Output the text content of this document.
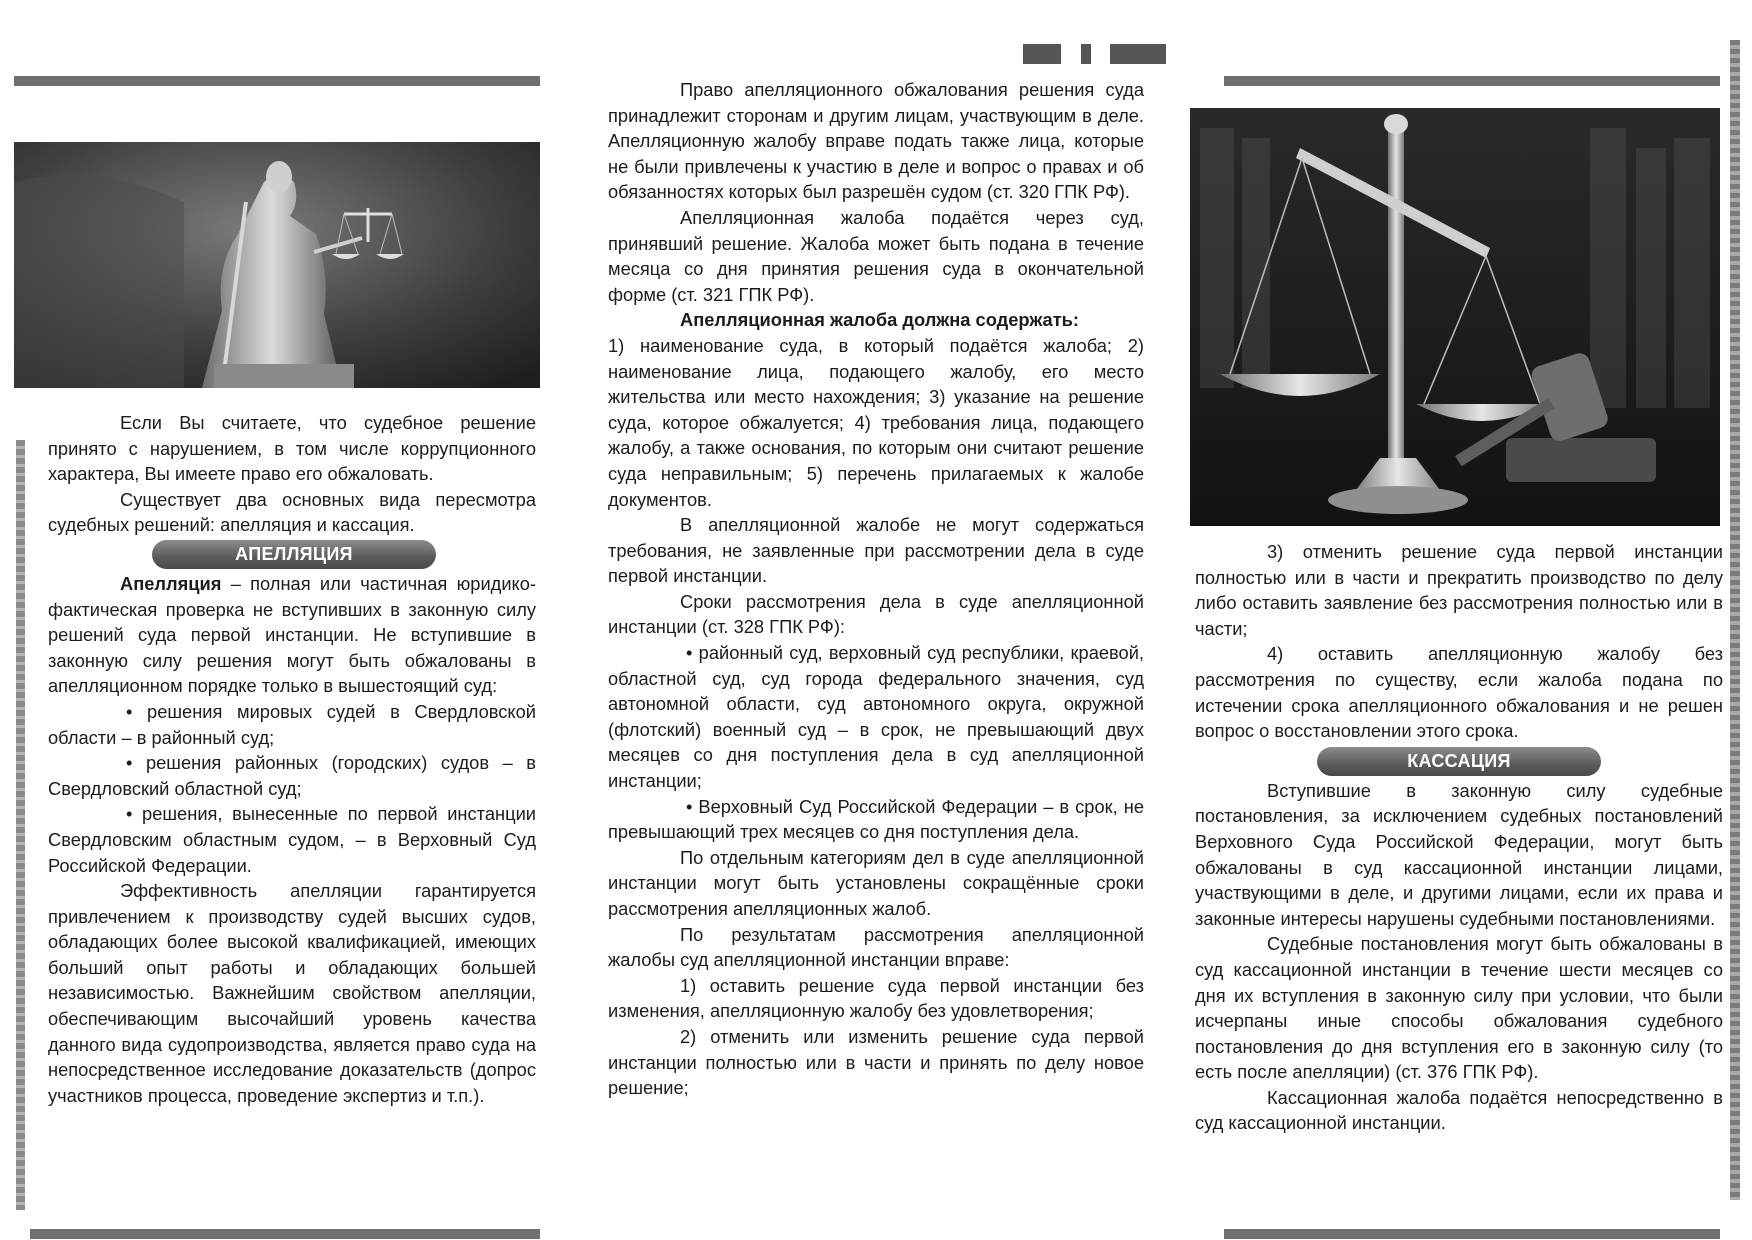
Если Вы считаете, что судебное решение принято с нарушением, в том числе коррупционного характера, Вы имеете право его обжаловать.

Существует два основных вида пересмотра судебных решений: апелляция и кассация.

АПЕЛЛЯЦИЯ

Апелляция – полная или частичная юридико-фактическая проверка не вступивших в законную силу решений суда первой инстанции. Не вступившие в законную силу решения могут быть обжалованы в апелляционном порядке только в вышестоящий суд:

• решения мировых судей в Свердловской области – в районный суд;

• решения районных (городских) судов – в Свердловский областной суд;

• решения, вынесенные по первой инстанции Свердловским областным судом, – в Верховный Суд Российской Федерации.

Эффективность апелляции гарантируется привлечением к производству судей высших судов, обладающих более высокой квалификацией, имеющих больший опыт работы и обладающих большей независимостью. Важнейшим свойством апелляции, обеспечивающим высочайший уровень качества данного вида судопроизводства, является право суда на непосредственное исследование доказательств (допрос участников процесса, проведение экспертиз и т.п.).

Право апелляционного обжалования решения суда принадлежит сторонам и другим лицам, участвующим в деле. Апелляционную жалобу вправе подать также лица, которые не были привлечены к участию в деле и вопрос о правах и об обязанностях которых был разрешён судом (ст. 320 ГПК РФ).

Апелляционная жалоба подаётся через суд, принявший решение. Жалоба может быть подана в течение месяца со дня принятия решения суда в окончательной форме (ст. 321 ГПК РФ).

Апелляционная жалоба должна содержать:

1) наименование суда, в который подаётся жалоба; 2) наименование лица, подающего жалобу, его место жительства или место нахождения; 3) указание на решение суда, которое обжалуется; 4) требования лица, подающего жалобу, а также основания, по которым они считают решение суда неправильным; 5) перечень прилагаемых к жалобе документов.

В апелляционной жалобе не могут содержаться требования, не заявленные при рассмотрении дела в суде первой инстанции.

Сроки рассмотрения дела в суде апелляционной инстанции (ст. 328 ГПК РФ):

• районный суд, верховный суд республики, краевой, областной суд, суд города федерального значения, суд автономной области, суд автономного округа, окружной (флотский) военный суд – в срок, не превышающий двух месяцев со дня поступления дела в суд апелляционной инстанции;

• Верховный Суд Российской Федерации – в срок, не превышающий трех месяцев со дня поступления дела.

По отдельным категориям дел в суде апелляционной инстанции могут быть установлены сокращённые сроки рассмотрения апелляционных жалоб.

По результатам рассмотрения апелляционной жалобы суд апелляционной инстанции вправе:

1) оставить решение суда первой инстанции без изменения, апелляционную жалобу без удовлетворения;

2) отменить или изменить решение суда первой инстанции полностью или в части и принять по делу новое решение;

3) отменить решение суда первой инстанции полностью или в части и прекратить производство по делу либо оставить заявление без рассмотрения полностью или в части;

4) оставить апелляционную жалобу без рассмотрения по существу, если жалоба подана по истечении срока апелляционного обжалования и не решен вопрос о восстановлении этого срока.

КАССАЦИЯ

Вступившие в законную силу судебные постановления, за исключением судебных постановлений Верховного Суда Российской Федерации, могут быть обжалованы в суд кассационной инстанции лицами, участвующими в деле, и другими лицами, если их права и законные интересы нарушены судебными постановлениями.

Судебные постановления могут быть обжалованы в суд кассационной инстанции в течение шести месяцев со дня их вступления в законную силу при условии, что были исчерпаны иные способы обжалования судебного постановления до дня вступления его в законную силу (то есть после апелляции) (ст. 376 ГПК РФ).

Кассационная жалоба подаётся непосредственно в суд кассационной инстанции.
